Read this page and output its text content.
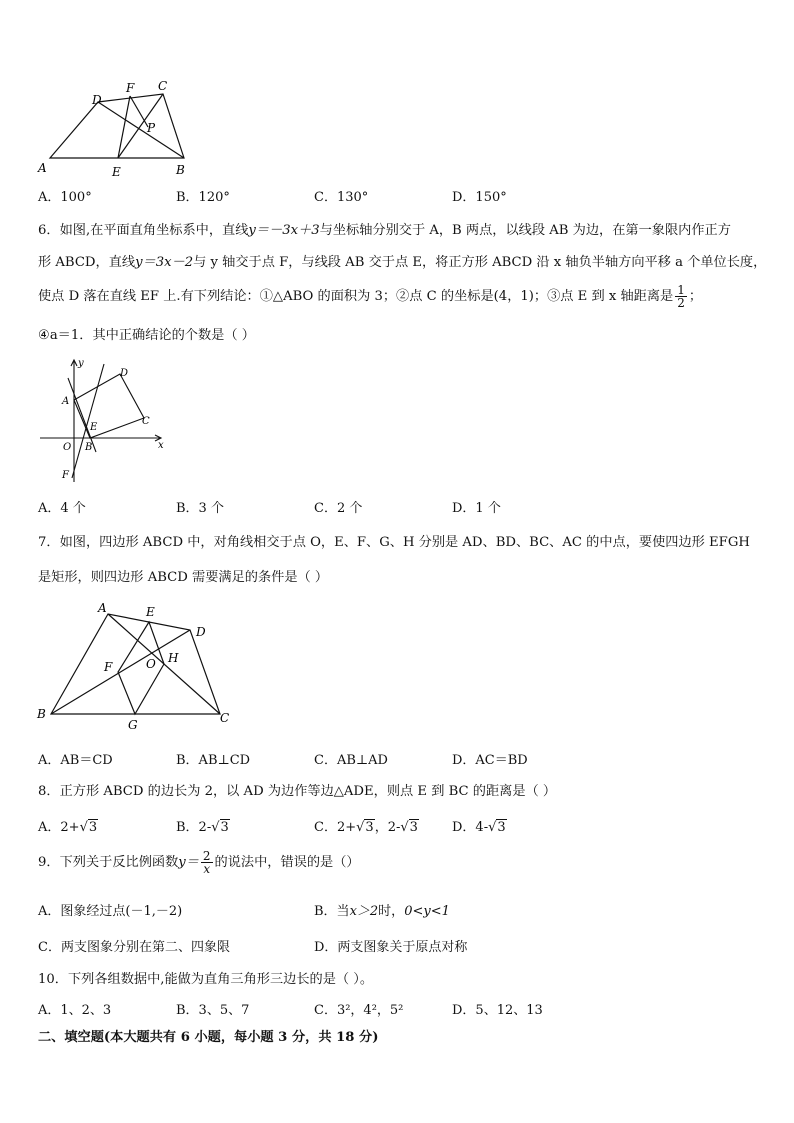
A	B
C
D
E
F
P
A．100°	B．120°	C．130°	D．150°
6．如图,在平面直角坐标系中，直线y＝－3x＋3与坐标轴分别交于 A，B 两点，以线段 AB 为边，在第一象限内作正方
形 ABCD，直线y＝3x－2与 y 轴交于点 F，与线段 AB 交于点 E，将正方形 ABCD 沿 x 轴负半轴方向平移 a 个单位长度，
使点 D 落在直线 EF 上.有下列结论：①△ABO 的面积为 3；②点 C 的坐标是(4，1)；③点 E 到 x 轴距离是 $\frac{1}{2}$ ；
④a＝1．其中正确结论的个数是（ ）
y
x
A
D
C
E
O B
F
A．4 个	B．3 个	C．2 个	D．1 个
7．如图，四边形 ABCD 中，对角线相交于点 O，E、F、G、H 分别是 AD、BD、BC、AC 的中点，要使四边形 EFGH
是矩形，则四边形 ABCD 需要满足的条件是（ ）
A	E
D
F	O H
B
G	C
A．AB＝CD	B．AB⊥CD	C．AB⊥AD	D．AC＝BD
8．正方形 ABCD 的边长为 2，以 AD 为边作等边△ADE，则点 E 到 BC 的距离是（ ）
A．2+√3	B．2-√3	C．2+√3，2-√3	D．4-√3
9．下列关于反比例函数$y= \frac{2}{x}$ 的说法中，错误的是（）
A．图象经过点(－1,－2)	B．当x＞2时，0<y<1
C．两支图象分别在第二、四象限	D．两支图象关于原点对称
10．下列各组数据中,能做为直角三角形三边长的是（ ）。
A．1、2、3	B．3、5、7	C．3²，4²，5²	D．5、12、13
二、填空题(本大题共有 6 小题，每小题 3 分，共 18 分)
